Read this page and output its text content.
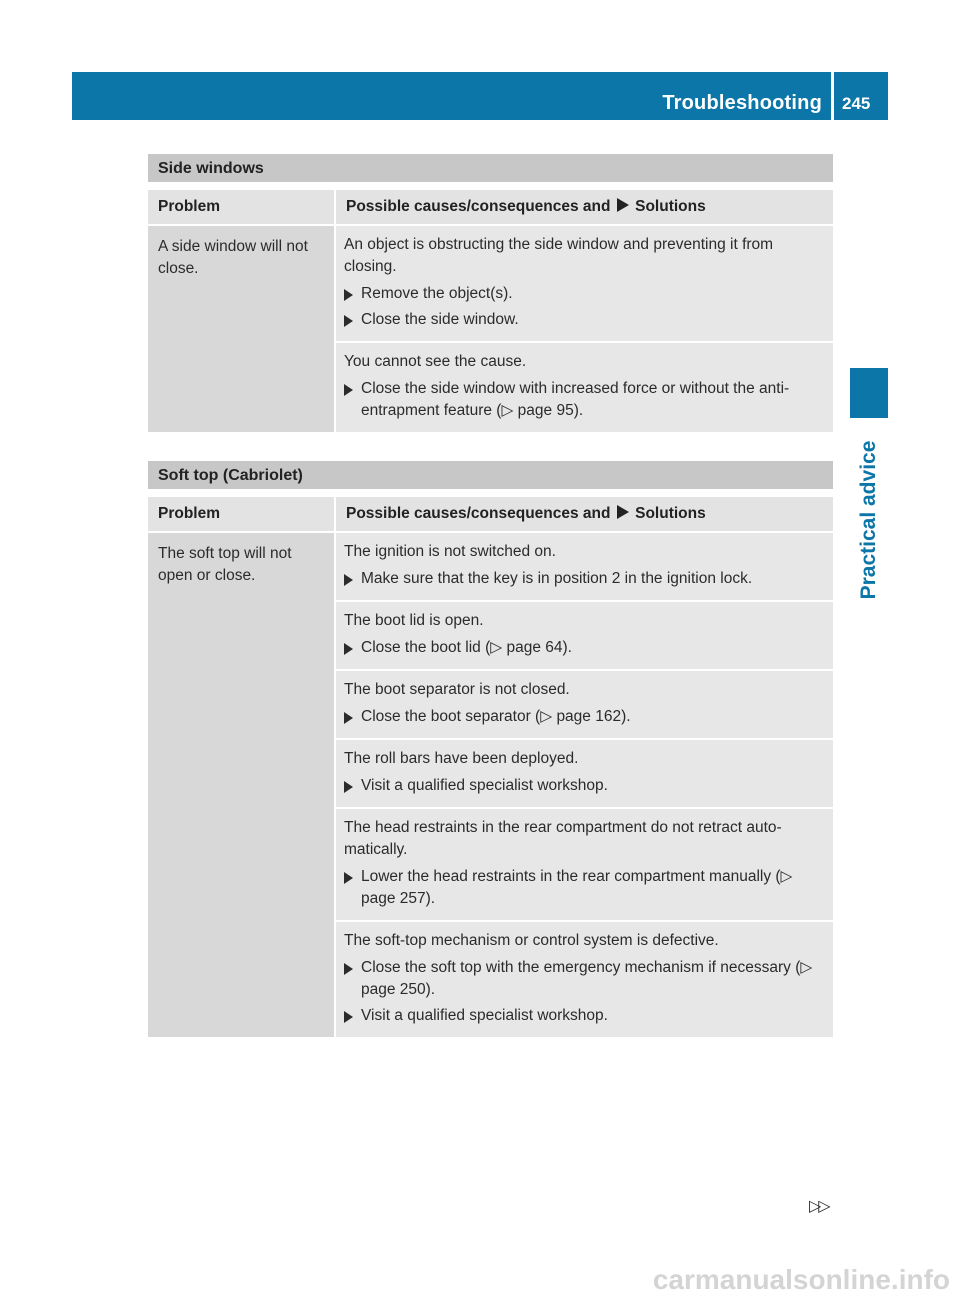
Troubleshooting 245
Practical advice
Side windows
Problem	Possible causes/consequences and Solutions

A side window will not close.	An object is obstructing the side window and preventing it from closing.
Remove the object(s).
Close the side window.

	You cannot see the cause.
Close the side window with increased force or without the anti-entrapment feature (▷ page 95).
Soft top (Cabriolet)
Problem	Possible causes/consequences and Solutions

The soft top will not open or close.	The ignition is not switched on.
Make sure that the key is in position 2 in the ignition lock.

	The boot lid is open.
Close the boot lid (▷ page 64).

	The boot separator is not closed.
Close the boot separator (▷ page 162).

	The roll bars have been deployed.
Visit a qualified specialist workshop.

	The head restraints in the rear compartment do not retract auto-matically.
Lower the head restraints in the rear compartment manually (▷ page 257).

	The soft-top mechanism or control system is defective.
Close the soft top with the emergency mechanism if necessary (▷ page 250).
Visit a qualified specialist workshop.
▷▷
carmanualsonline.info
